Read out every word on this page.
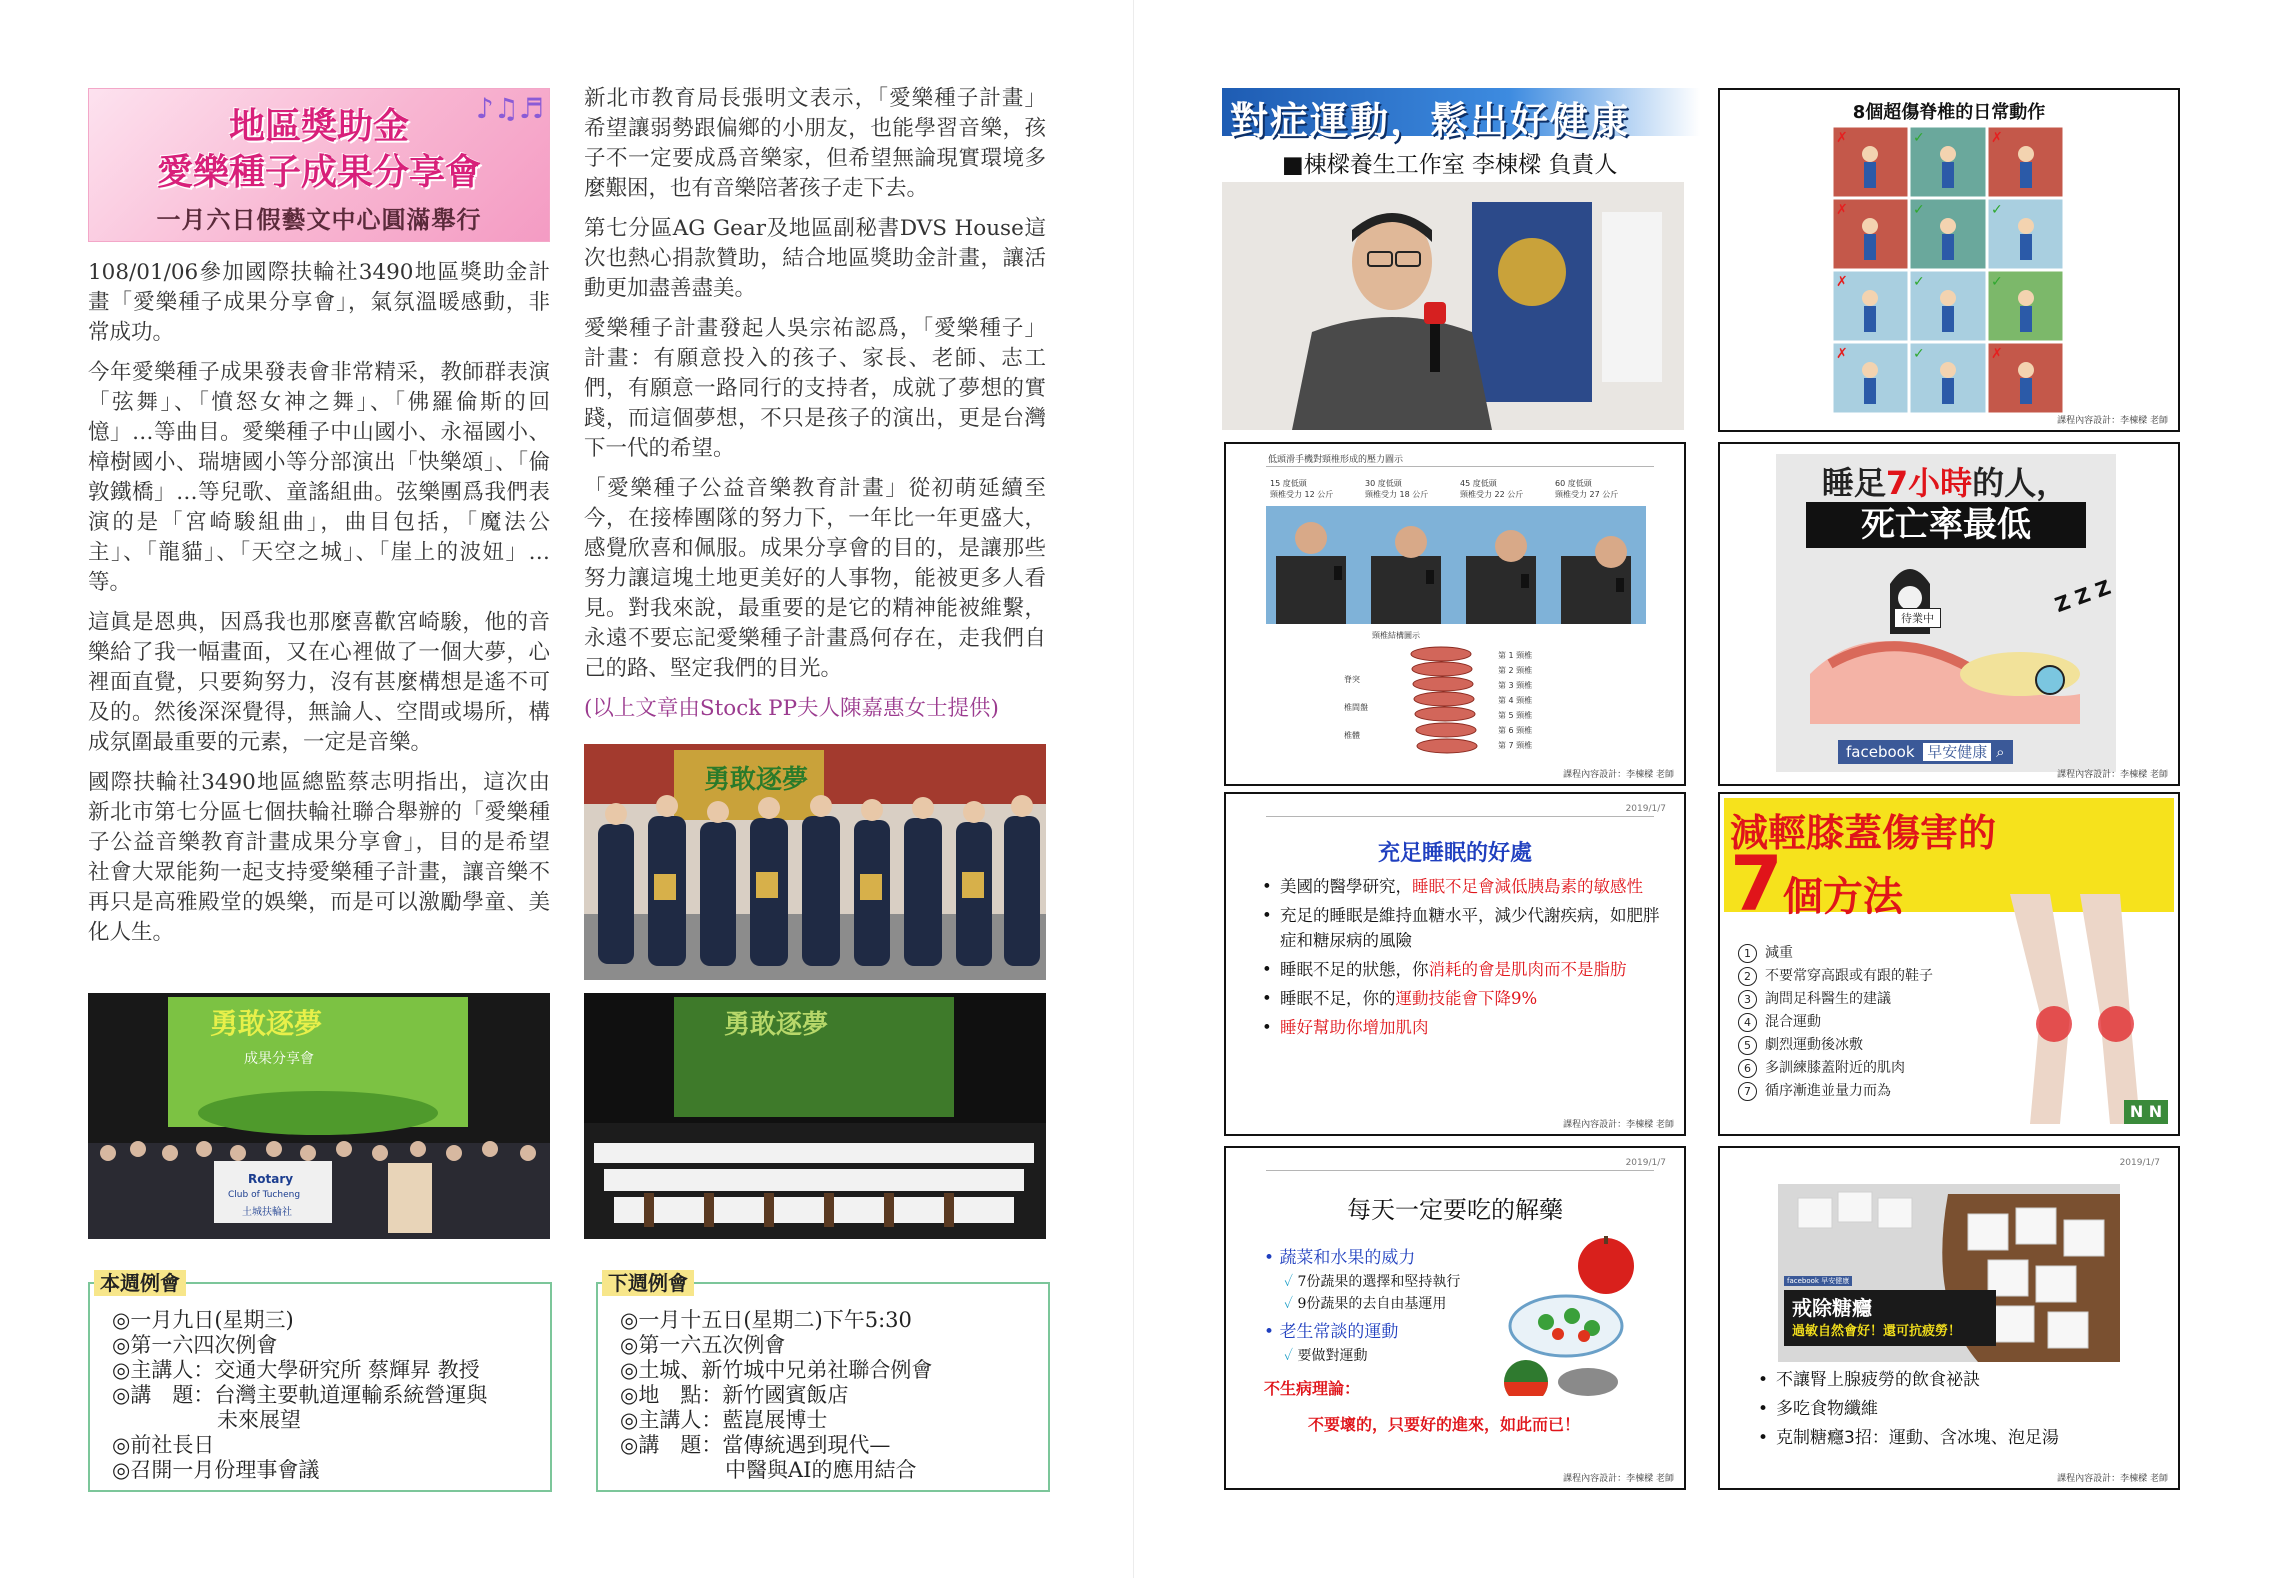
♪♫♬
地區獎助金
愛樂種子成果分享會
一月六日假藝文中心圓滿舉行

108/01/06參加國際扶輪社3490地區獎助金計畫「愛樂種子成果分享會」，氣氛溫暖感動，非常成功。

今年愛樂種子成果發表會非常精采，教師群表演「弦舞」、「憤怒女神之舞」、「佛羅倫斯的回憶」…等曲目。愛樂種子中山國小、永福國小、樟樹國小、瑞塘國小等分部演出「快樂頌」、「倫敦鐵橋」…等兒歌、童謠組曲。弦樂團爲我們表演的是「宮崎駿組曲」，曲目包括，「魔法公主」、「龍貓」、「天空之城」、「崖上的波妞」…等。

這眞是恩典，因爲我也那麼喜歡宮崎駿，他的音樂給了我一幅畫面，又在心裡做了一個大夢，心裡面直覺，只要夠努力，沒有甚麼構想是遙不可及的。然後深深覺得，無論人、空間或場所，構成氛圍最重要的元素，一定是音樂。

國際扶輪社3490地區總監蔡志明指出，這次由新北市第七分區七個扶輪社聯合舉辦的「愛樂種子公益音樂教育計畫成果分享會」，目的是希望社會大眾能夠一起支持愛樂種子計畫，讓音樂不再只是高雅殿堂的娛樂，而是可以激勵學童、美化人生。

新北市教育局長張明文表示，「愛樂種子計畫」希望讓弱勢跟偏鄉的小朋友，也能學習音樂，孩子不一定要成爲音樂家，但希望無論現實環境多麼艱困，也有音樂陪著孩子走下去。

第七分區AG Gear及地區副秘書DVS House這次也熱心捐款贊助，結合地區獎助金計畫，讓活動更加盡善盡美。

愛樂種子計畫發起人吳宗祐認爲，「愛樂種子」計畫：有願意投入的孩子、家長、老師、志工們，有願意一路同行的支持者，成就了夢想的實踐，而這個夢想，不只是孩子的演出，更是台灣下一代的希望。

「愛樂種子公益音樂教育計畫」從初萌延續至今，在接棒團隊的努力下，一年比一年更盛大，感覺欣喜和佩服。成果分享會的目的，是讓那些努力讓這塊土地更美好的人事物，能被更多人看見。對我來說，最重要的是它的精神能被維繫，永遠不要忘記愛樂種子計畫爲何存在，走我們自己的路、堅定我們的目光。

(以上文章由Stock PP夫人陳嘉惠女士提供)

勇敢逐夢
勇敢逐夢
成果分享會
Rotary
Club of Tucheng
土城扶輪社
勇敢逐夢
本週例會
◎一月九日(星期三)
◎第一六四次例會
◎主講人：交通大學研究所 蔡輝昇 教授
◎講　題：台灣主要軌道運輸系統營運與
　　　　　未來展望
◎前社長日
◎召開一月份理事會議
下週例會
◎一月十五日(星期二)下午5:30
◎第一六五次例會
◎土城、新竹城中兄弟社聯合例會
◎地　點：新竹國賓飯店
◎主講人：藍崑展博士
◎講　題：當傳統遇到現代—
　　　　　中醫與AI的應用結合
對症運動，鬆出好健康
■棟樑養生工作室 李棟樑 負責人
8個超傷脊椎的日常動作
✗	✓	✗
✗	✓	✓
✗	✓	✓
✗	✓	✗
課程內容設計：李棟樑 老師
低頭滑手機對頸椎形成的壓力圖示
15 度低頭
頸椎受力 12 公斤
30 度低頭
頸椎受力 18 公斤
45 度低頭
頸椎受力 22 公斤
60 度低頭
頸椎受力 27 公斤
頸椎結構圖示
脊突
椎間盤
椎體
第 1 頸椎
第 2 頸椎
第 3 頸椎
第 4 頸椎
第 5 頸椎
第 6 頸椎
第 7 頸椎
課程內容設計：李棟樑 老師
睡足7小時的人，
死亡率最低
待業中
Z Z Z
facebook 早安健康 ⌕
課程內容設計：李棟樑 老師
2019/1/7
充足睡眠的好處
• 美國的醫學研究，睡眠不足會減低胰島素的敏感性
• 充足的睡眠是維持血糖水平，減少代謝疾病，如肥胖症和糖尿病的風險
• 睡眠不足的狀態，你消耗的會是肌肉而不是脂肪
• 睡眠不足，你的運動技能會下降9%
• 睡好幫助你增加肌肉
課程內容設計：李棟樑 老師
減輕膝蓋傷害的
7個方法
1 減重
2 不要常穿高跟或有跟的鞋子
3 詢問足科醫生的建議
4 混合運動
5 劇烈運動後冰敷
6 多訓練膝蓋附近的肌肉
7 循序漸進並量力而為
N N
2019/1/7
每天一定要吃的解藥
• 蔬菜和水果的威力
✓ 7份蔬果的選擇和堅持執行
✓ 9份蔬果的去自由基運用
• 老生常談的運動
✓ 要做對運動
不生病理論：
不要壞的，只要好的進來，如此而已！
課程內容設計：李棟樑 老師
2019/1/7
facebook 早安健康
戒除糖癮
過敏自然會好！還可抗疲勞！
• 不讓腎上腺疲勞的飲食祕訣
• 多吃食物纖維
• 克制糖癮3招：運動、含冰塊、泡足湯
課程內容設計：李棟樑 老師
